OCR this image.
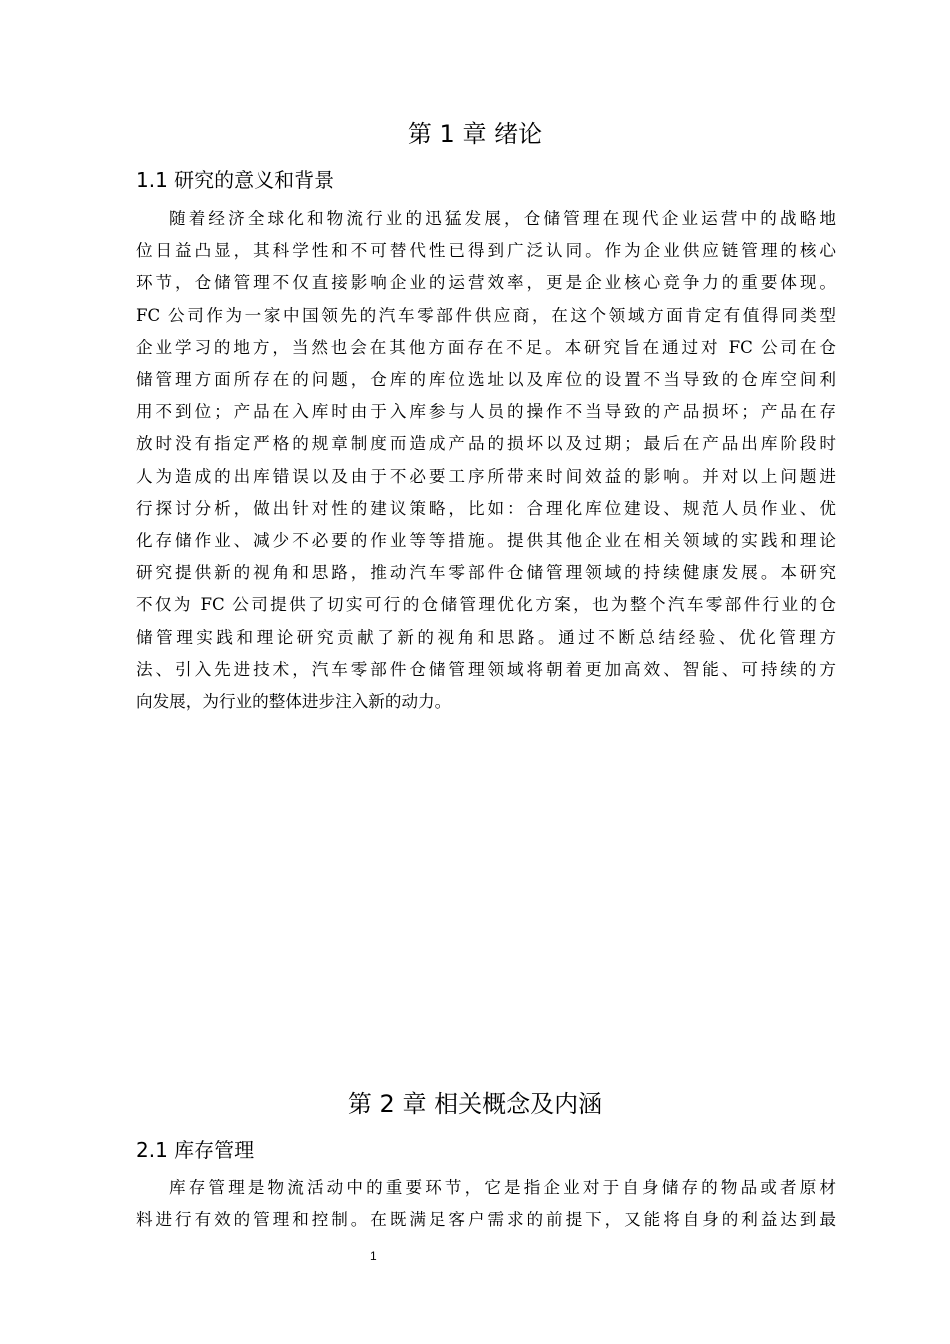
第 1 章 绪论
1.1 研究的意义和背景
随着经济全球化和物流行业的迅猛发展，仓储管理在现代企业运营中的战略地
位日益凸显，其科学性和不可替代性已得到广泛认同。作为企业供应链管理的核心
环节，仓储管理不仅直接影响企业的运营效率，更是企业核心竞争力的重要体现。
FC 公司作为一家中国领先的汽车零部件供应商，在这个领域方面肯定有值得同类型
企业学习的地方，当然也会在其他方面存在不足。本研究旨在通过对 FC 公司在仓
储管理方面所存在的问题，仓库的库位选址以及库位的设置不当导致的仓库空间利
用不到位；产品在入库时由于入库参与人员的操作不当导致的产品损坏；产品在存
放时没有指定严格的规章制度而造成产品的损坏以及过期；最后在产品出库阶段时
人为造成的出库错误以及由于不必要工序所带来时间效益的影响。并对以上问题进
行探讨分析，做出针对性的建议策略，比如：合理化库位建设、规范人员作业、优
化存储作业、减少不必要的作业等等措施。提供其他企业在相关领域的实践和理论
研究提供新的视角和思路，推动汽车零部件仓储管理领域的持续健康发展。本研究
不仅为 FC 公司提供了切实可行的仓储管理优化方案，也为整个汽车零部件行业的仓
储管理实践和理论研究贡献了新的视角和思路。通过不断总结经验、优化管理方
法、引入先进技术，汽车零部件仓储管理领域将朝着更加高效、智能、可持续的方
向发展，为行业的整体进步注入新的动力。
第 2 章 相关概念及内涵
2.1 库存管理
库存管理是物流活动中的重要环节，它是指企业对于自身储存的物品或者原材
料进行有效的管理和控制。在既满足客户需求的前提下，又能将自身的利益达到最
1
